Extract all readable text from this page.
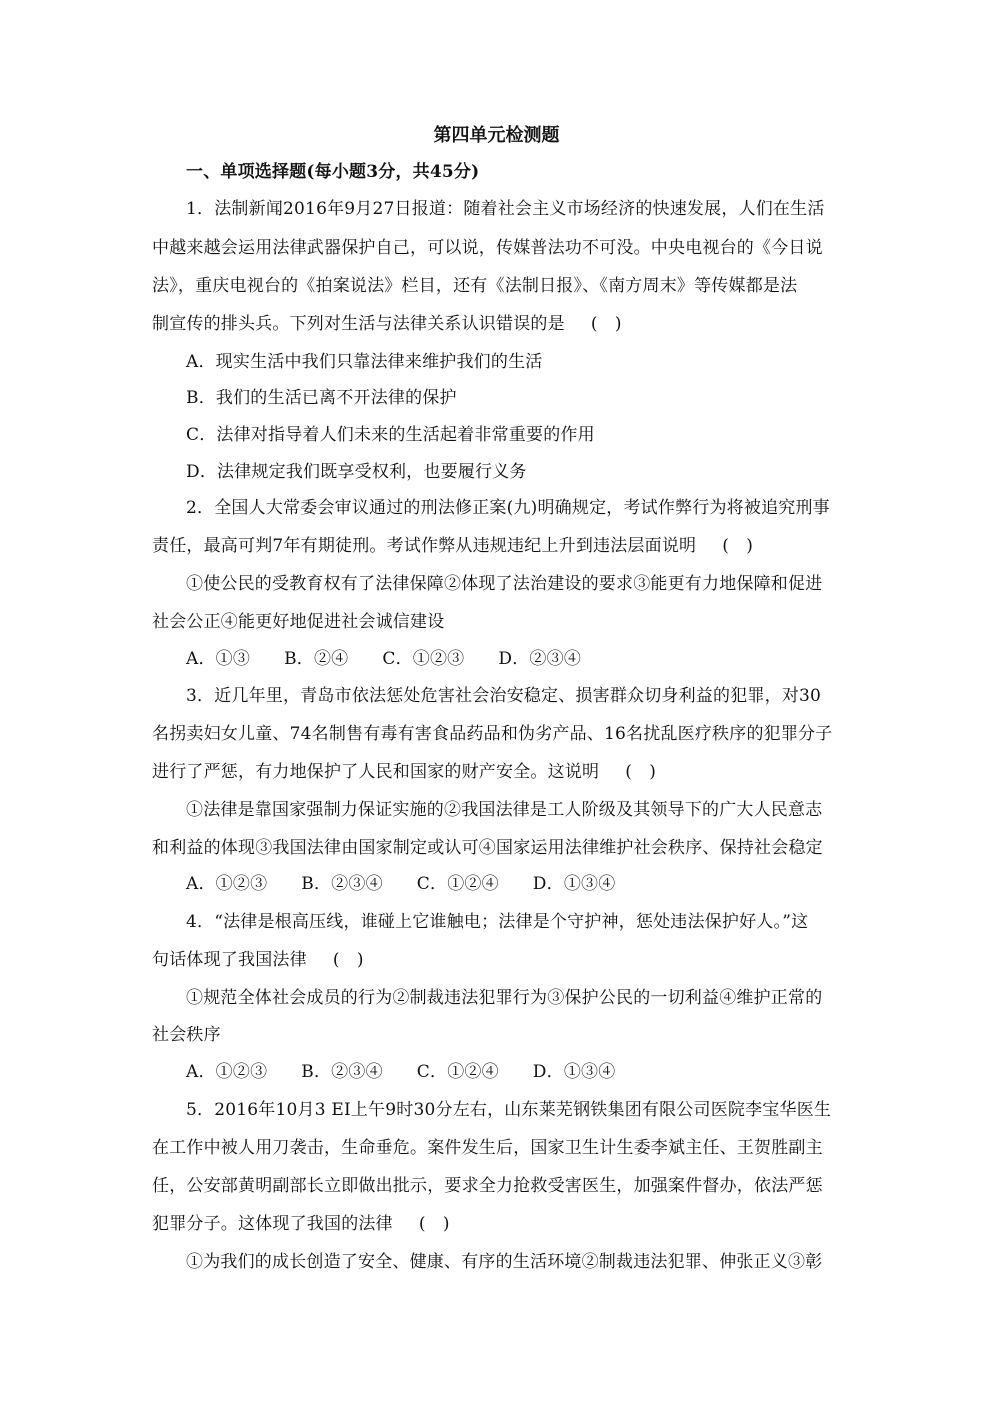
第四单元检测题
一、单项选择题(每小题3分，共45分)
1．法制新闻2016年9月27日报道：随着社会主义市场经济的快速发展，人们在生活
中越来越会运用法律武器保护自己，可以说，传媒普法功不可没。中央电视台的《今日说
法》，重庆电视台的《拍案说法》栏目，还有《法制日报》、《南方周末》等传媒都是法
制宣传的排头兵。下列对生活与法律关系认识错误的是 (　)
A．现实生活中我们只靠法律来维护我们的生活
B．我们的生活已离不开法律的保护
C．法律对指导着人们未来的生活起着非常重要的作用
D．法律规定我们既享受权利，也要履行义务
2．全国人大常委会审议通过的刑法修正案(九)明确规定，考试作弊行为将被追究刑事
责任，最高可判7年有期徒刑。考试作弊从违规违纪上升到违法层面说明 (　)
①使公民的受教育权有了法律保障②体现了法治建设的要求③能更有力地保障和促进
社会公正④能更好地促进社会诚信建设
A．①③ B．②④ C．①②③ D．②③④
3．近几年里，青岛市依法惩处危害社会治安稳定、损害群众切身利益的犯罪，对30
名拐卖妇女儿童、74名制售有毒有害食品药品和伪劣产品、16名扰乱医疗秩序的犯罪分子
进行了严惩，有力地保护了人民和国家的财产安全。这说明 (　)
①法律是靠国家强制力保证实施的②我国法律是工人阶级及其领导下的广大人民意志
和利益的体现③我国法律由国家制定或认可④国家运用法律维护社会秩序、保持社会稳定
A．①②③ B．②③④ C．①②④ D．①③④
4．“法律是根高压线，谁碰上它谁触电；法律是个守护神，惩处违法保护好人。”这
句话体现了我国法律 (　)
①规范全体社会成员的行为②制裁违法犯罪行为③保护公民的一切利益④维护正常的
社会秩序
A．①②③ B．②③④ C．①②④ D．①③④
5．2016年10月3 EI上午9时30分左右，山东莱芜钢铁集团有限公司医院李宝华医生
在工作中被人用刀袭击，生命垂危。案件发生后，国家卫生计生委李斌主任、王贺胜副主
任，公安部黄明副部长立即做出批示，要求全力抢救受害医生，加强案件督办，依法严惩
犯罪分子。这体现了我国的法律 (　)
①为我们的成长创造了安全、健康、有序的生活环境②制裁违法犯罪、伸张正义③彰
